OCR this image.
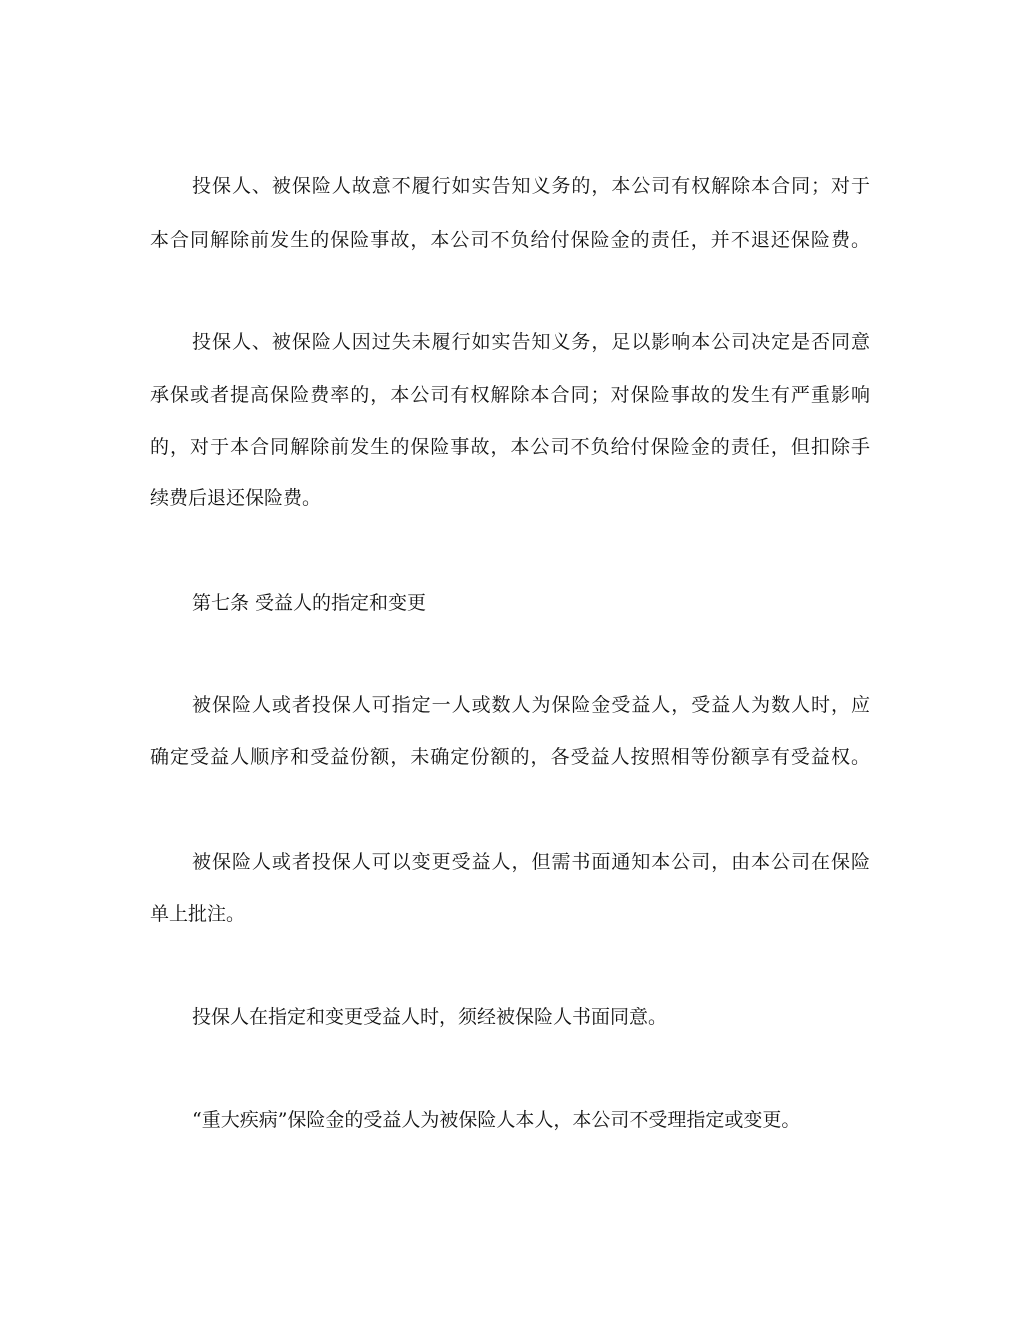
投保人、被保险人故意不履行如实告知义务的，本公司有权解除本合同；对于
本合同解除前发生的保险事故，本公司不负给付保险金的责任，并不退还保险费。
投保人、被保险人因过失未履行如实告知义务，足以影响本公司决定是否同意
承保或者提高保险费率的，本公司有权解除本合同；对保险事故的发生有严重影响
的，对于本合同解除前发生的保险事故，本公司不负给付保险金的责任，但扣除手
续费后退还保险费。
第七条 受益人的指定和变更
被保险人或者投保人可指定一人或数人为保险金受益人，受益人为数人时，应
确定受益人顺序和受益份额，未确定份额的，各受益人按照相等份额享有受益权。
被保险人或者投保人可以变更受益人，但需书面通知本公司，由本公司在保险
单上批注。
投保人在指定和变更受益人时，须经被保险人书面同意。
“重大疾病”保险金的受益人为被保险人本人，本公司不受理指定或变更。
